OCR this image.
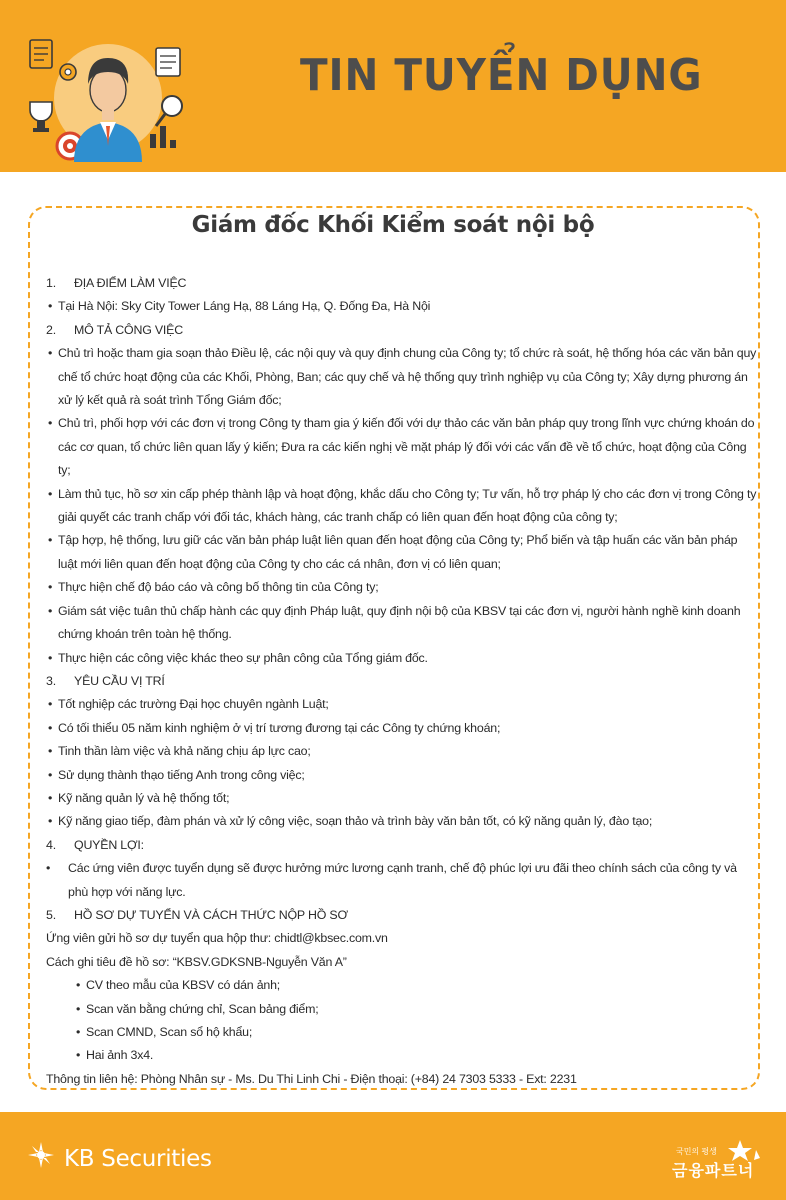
TIN TUYỂN DỤNG
Giám đốc Khối Kiểm soát nội bộ
1. ĐỊA ĐIỂM LÀM VIỆC
• Tại Hà Nội: Sky City Tower Láng Hạ, 88 Láng Hạ, Q. Đống Đa, Hà Nội
2. MÔ TẢ CÔNG VIỆC
• Chủ trì hoặc tham gia soạn thảo Điều lệ, các nội quy và quy định chung của Công ty; tổ chức rà soát, hệ thống hóa các văn bản quy chế tổ chức hoạt động của các Khối, Phòng, Ban; các quy chế và hệ thống quy trình nghiệp vụ của Công ty; Xây dựng phương án xử lý kết quả rà soát trình Tổng Giám đốc;
• Chủ trì, phối hợp với các đơn vị trong Công ty tham gia ý kiến đối với dự thảo các văn bản pháp quy trong lĩnh vực chứng khoán do các cơ quan, tổ chức liên quan lấy ý kiến; Đưa ra các kiến nghị về mặt pháp lý đối với các vấn đề về tổ chức, hoạt động của Công ty;
• Làm thủ tục, hồ sơ xin cấp phép thành lập và hoạt động, khắc dấu cho Công ty; Tư vấn, hỗ trợ pháp lý cho các đơn vị trong Công ty giải quyết các tranh chấp với đối tác, khách hàng, các tranh chấp có liên quan đến hoạt động của công ty;
• Tập hợp, hệ thống, lưu giữ các văn bản pháp luật liên quan đến hoạt động của Công ty; Phổ biến và tập huấn các văn bản pháp luật mới liên quan đến hoạt động của Công ty cho các cá nhân, đơn vị có liên quan;
• Thực hiện chế độ báo cáo và công bố thông tin của Công ty;
• Giám sát việc tuân thủ chấp hành các quy định Pháp luật, quy định nội bộ của KBSV tại các đơn vị, người hành nghề kinh doanh chứng khoán trên toàn hệ thống.
• Thực hiện các công việc khác theo sự phân công của Tổng giám đốc.
3. YÊU CẦU VỊ TRÍ
• Tốt nghiệp các trường Đại học chuyên ngành Luật;
• Có tối thiểu 05 năm kinh nghiệm ở vị trí tương đương tại các Công ty chứng khoán;
• Tinh thần làm việc và khả năng chịu áp lực cao;
• Sử dụng thành thạo tiếng Anh trong công việc;
• Kỹ năng quản lý và hệ thống tốt;
• Kỹ năng giao tiếp, đàm phán và xử lý công việc, soạn thảo và trình bày văn bản tốt, có kỹ năng quản lý, đào tạo;
4. QUYỀN LỢI:
• Các ứng viên được tuyển dụng sẽ được hưởng mức lương cạnh tranh, chế độ phúc lợi ưu đãi theo chính sách của công ty và phù hợp với năng lực.
5. HỒ SƠ DỰ TUYỂN VÀ CÁCH THỨC NỘP HỒ SƠ
Ứng viên gửi hồ sơ dự tuyển qua hộp thư: chidtl@kbsec.com.vn
Cách ghi tiêu đề hồ sơ: “KBSV.GDKSNB-Nguyễn Văn A”
• CV theo mẫu của KBSV có dán ảnh;
• Scan văn bằng chứng chỉ, Scan bảng điểm;
• Scan CMND, Scan sổ hộ khẩu;
• Hai ảnh 3x4.
Thông tin liên hệ: Phòng Nhân sự - Ms. Du Thi Linh Chi - Điện thoại: (+84) 24 7303 5333 - Ext: 2231
KB Securities	국민의 평생
금융파트너
